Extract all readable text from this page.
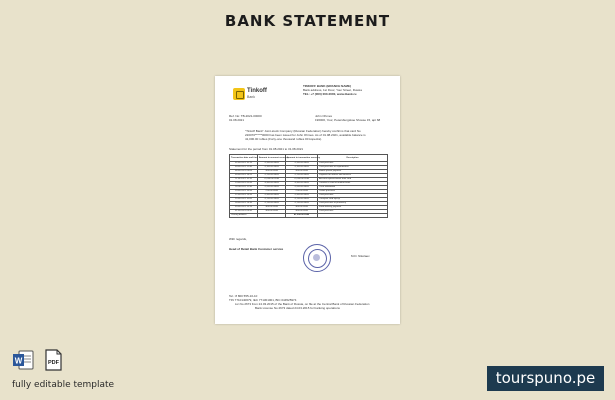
BANK STATEMENT
Tinkoff
Bank
TINKOFF BANK (BRANCH NAME)
Bank address, 1st Floor, Your Street, Russia
TEL: +7 (000) 000-0000, www.tbank.ru
Ref. No: TB-2021-00000
01.08.2021
John Ohmes
196000, Your, Petersburgskoe Shosse 15, apt 68
"Tinkoff Bank" Joint-stock Company (Russian Federation) hereby confirms that card No
220070******0000 has been issued for John Ohmes. As of 01.08.2021, available balance is
41,000.00 rubles (Forty-one thousand rubles 00 kopecks).
Statement for the period from 01.08.2021 to 31.08.2021
Transaction date and time	Amount in account currency	Amount in transaction currency	Description
02.08.2021 10:15	-1,500.00 RUB	-1,500.00 RUB	Card purchase
04.08.2021 12:40	-2,300.00 RUB	-2,300.00 RUB	Card purchase at supermarket
06.08.2021 09:05	-900.00 RUB	-900.00 RUB	Mobile phone payment
09.08.2021 18:22	-1,200.00 RUB	-1,200.00 RUB	Payment for utilities and services
11.08.2021 14:10	+5,000.00 RUB	+5,000.00 RUB	Account replenishment from card
13.08.2021 20:45	-3,400.00 RUB	-3,400.00 RUB	Transfer to card of another bank
16.08.2021 11:30	-1,000.00 RUB	-1,000.00 RUB	Cash withdrawal
19.08.2021 16:55	-700.00 RUB	-700.00 RUB	Online purchase
22.08.2021 13:20	-1,600.00 RUB	-1,600.00 RUB	Card purchase
25.08.2021 10:00	-2,100.00 RUB	-2,100.00 RUB	Transport card top-up
28.08.2021 19:35	-1,100.00 RUB	-1,100.00 RUB	Card purchase at pharmacy
30.08.2021 15:15	-800.00 RUB	-800.00 RUB	Food delivery payment
31.08.2021 09:50	-600.00 RUB	-600.00 RUB	Card purchase
Closing balance		41,000.00 RUB	
With regards,
Head of Retail Bank Customer service
M.D. Nikolaev
Tel.: 8 800 555-10-10
TIN 7710140679, IEC 771301001, BIC 044525974
Lic.No 2673 from 24.03.2015 of the Bank of Russia, on file at the Central Bank of Russian Federation
Bank License No 2673 dated 24.03.2015 for banking operations
W	PDF
fully editable template	tourspuno.pe
